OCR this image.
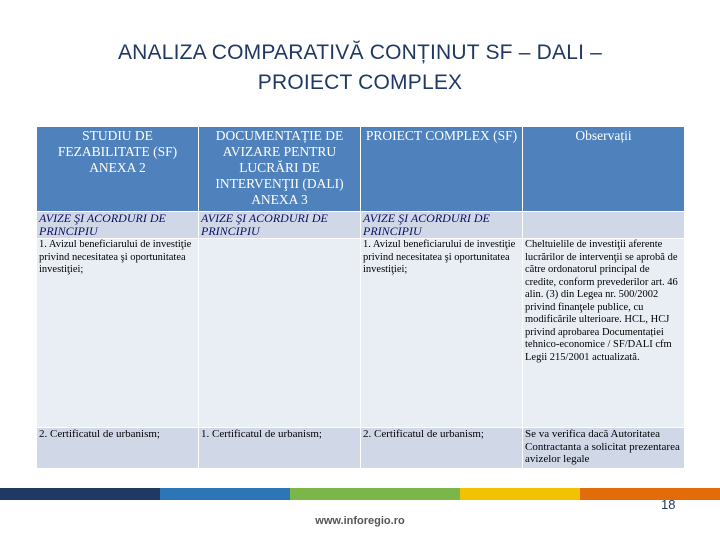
ANALIZA COMPARATIVĂ CONȚINUT SF – DALI –
PROIECT COMPLEX
STUDIU DE FEZABILITATE (SF) ANEXA 2	DOCUMENTAȚIE DE AVIZARE PENTRU LUCRĂRI DE INTERVENŢII (DALI) ANEXA 3	PROIECT COMPLEX (SF)	Observații
AVIZE ŞI ACORDURI DE PRINCIPIU	AVIZE ŞI ACORDURI DE PRINCIPIU	AVIZE ŞI ACORDURI DE PRINCIPIU	
1. Avizul beneficiarului de investiţie privind necesitatea şi oportunitatea investiţiei;		1. Avizul beneficiarului de investiţie privind necesitatea şi oportunitatea investiţiei;	Cheltuielile de investiţii aferente lucrărilor de intervenţii se aprobă de către ordonatorul principal de credite, conform prevederilor art. 46 alin. (3) din Legea nr. 500/2002 privind finanţele publice, cu modificările ulterioare. HCL, HCJ privind aprobarea Documentației tehnico-economice / SF/DALI cfm Legii 215/2001 actualizată.
2. Certificatul de urbanism;	1. Certificatul de urbanism;	2. Certificatul de urbanism;	Se va verifica dacă Autoritatea Contractanta a solicitat prezentarea avizelor legale
18
www.inforegio.ro
